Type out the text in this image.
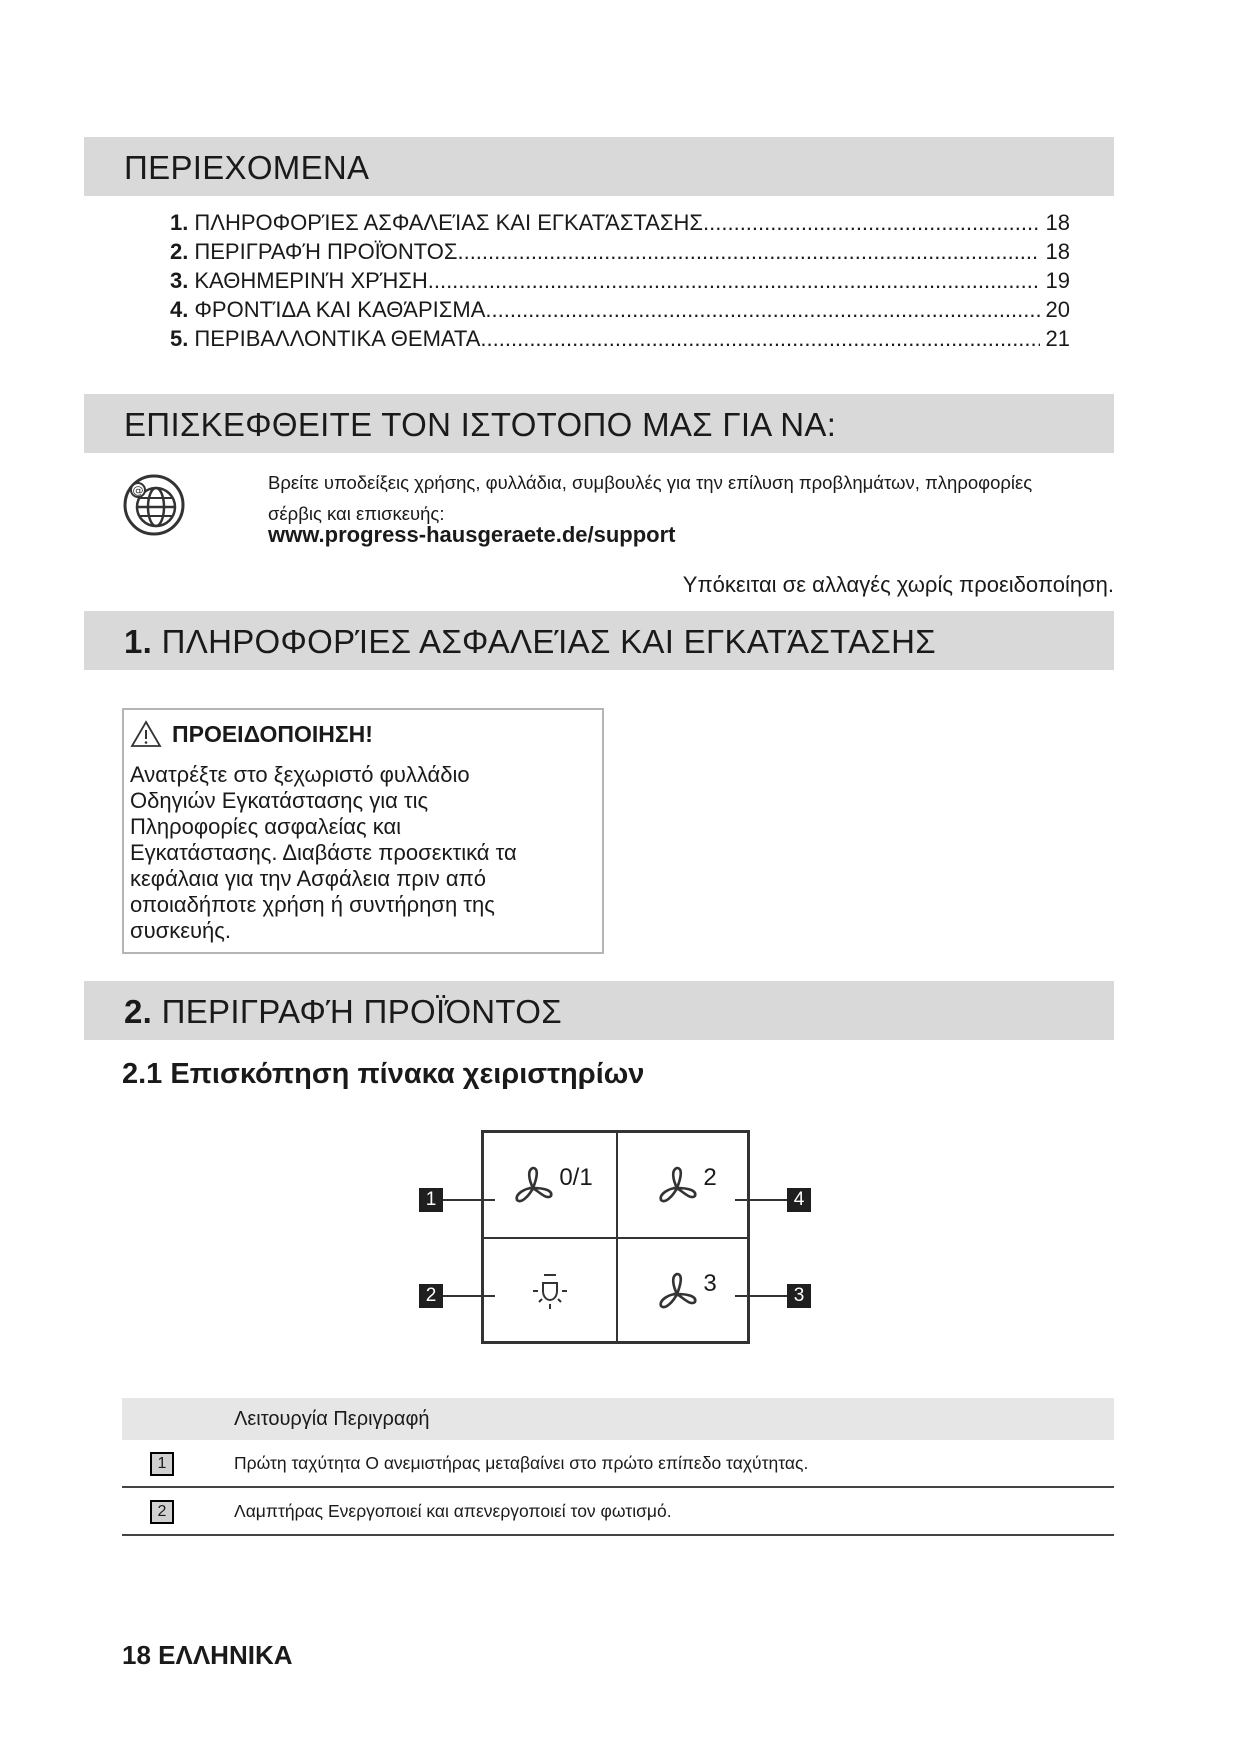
ΠΕΡΙΕΧΟΜΕΝΑ
1. ΠΛΗΡΟΦΟΡΊΕΣ ΑΣΦΑΛΕΊΑΣ ΚΑΙ ΕΓΚΑΤΆΣΤΑΣΗΣ .....	18
2. ΠΕΡΙΓΡΑΦΉ ΠΡΟΪΌΝΤΟΣ .....	18
3. ΚΑΘΗΜΕΡΙΝΉ ΧΡΉΣΗ .....	19
4. ΦΡΟΝΤΊΔΑ ΚΑΙ ΚΑΘΆΡΙΣΜΑ .....	20
5. ΠΕΡΙΒΑΛΛΟΝΤΙΚΑ ΘΕΜΑΤΑ .....	21
ΕΠΙΣΚΕΦΘΕΙΤΕ ΤΟΝ ΙΣΤΟΤΟΠΟ ΜΑΣ ΓΙΑ ΝΑ:
@	Βρείτε υποδείξεις χρήσης, φυλλάδια, συμβουλές για την επίλυση προβλημάτων, πληροφορίες σέρβις και επισκευής:
www.progress-hausgeraete.de/support
Υπόκειται σε αλλαγές χωρίς προειδοποίηση.
1. ΠΛΗΡΟΦΟΡΊΕΣ ΑΣΦΑΛΕΊΑΣ ΚΑΙ ΕΓΚΑΤΆΣΤΑΣΗΣ
ΠΡΟΕΙΔΟΠΟΙΗΣΗ!
Ανατρέξτε στο ξεχωριστό φυλλάδιο
Οδηγιών Εγκατάστασης για τις
Πληροφορίες ασφαλείας και
Εγκατάστασης. Διαβάστε προσεκτικά τα
κεφάλαια για την Ασφάλεια πριν από
οποιαδήποτε χρήση ή συντήρηση της
συσκευής.
2. ΠΕΡΙΓΡΑΦΉ ΠΡΟΪΌΝΤΟΣ
2.1 Επισκόπηση πίνακα χειριστηρίων
0/1	2
3
1	4
2	3
Λειτουργία Περιγραφή
1	Πρώτη ταχύτητα Ο ανεμιστήρας μεταβαίνει στο πρώτο επίπεδο ταχύτητας.
2	Λαμπτήρας Ενεργοποιεί και απενεργοποιεί τον φωτισμό.
18 ΕΛΛΗΝΙΚΑ
